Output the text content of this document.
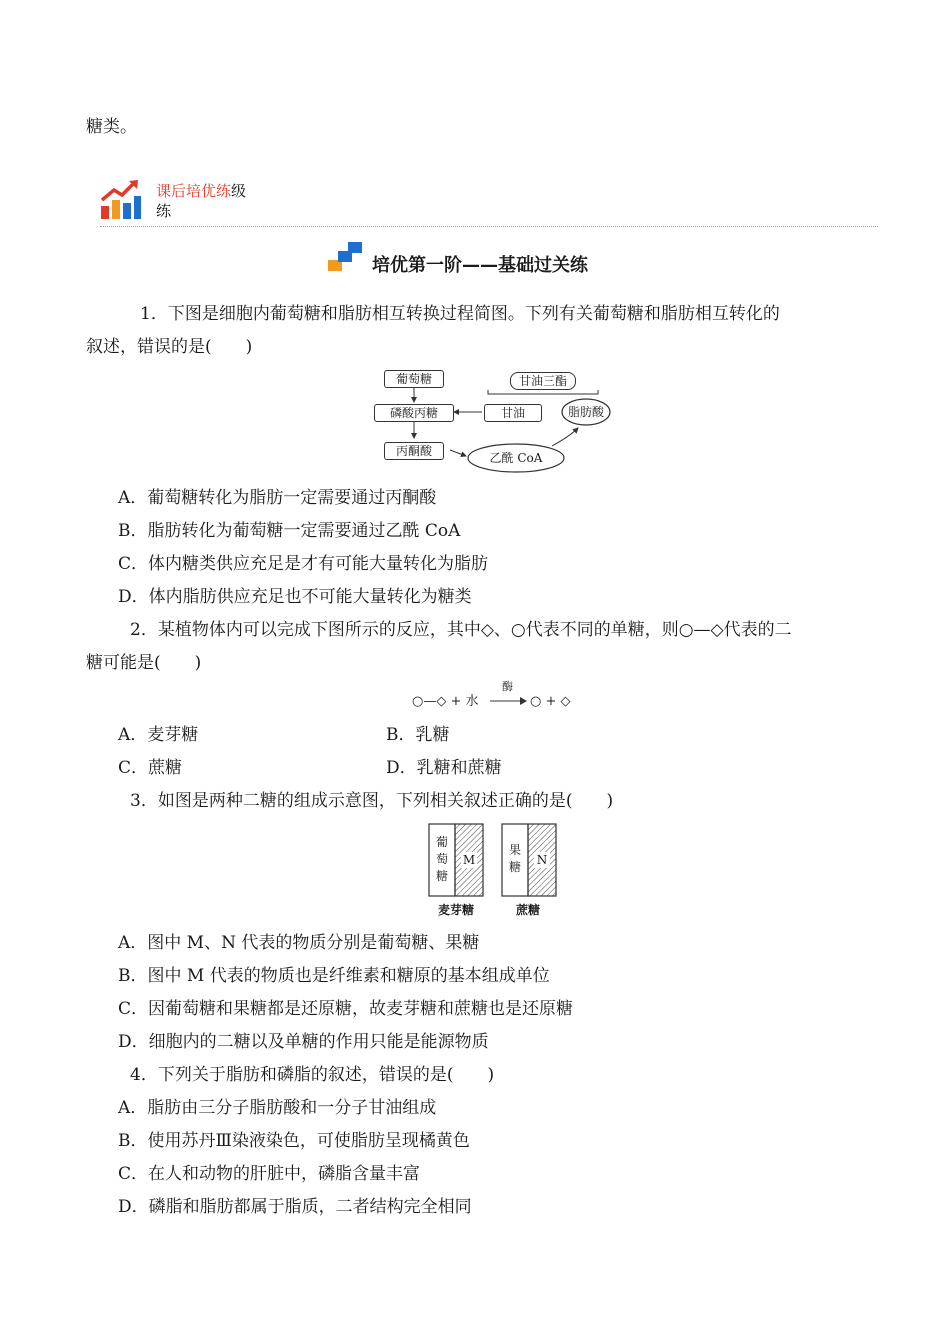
糖类。
课后培优练级
练
培优第一阶——基础过关练
1．下图是细胞内葡萄糖和脂肪相互转换过程简图。下列有关葡萄糖和脂肪相互转化的
叙述，错误的是(　　)
葡萄糖
磷酸丙糖
丙酮酸
甘油三酯
甘油	脂肪酸
乙酰 CoA
A．葡萄糖转化为脂肪一定需要通过丙酮酸
B．脂肪转化为葡萄糖一定需要通过乙酰 CoA
C．体内糖类供应充足是才有可能大量转化为脂肪
D．体内脂肪供应充足也不可能大量转化为糖类
2．某植物体内可以完成下图所示的反应，其中◇、○代表不同的单糖，则○—◇代表的二
糖可能是(　　)
○—◇ + 水
酶
→ ○ + ◇
A．麦芽糖	B．乳糖
C．蔗糖	D．乳糖和蔗糖
3．如图是两种二糖的组成示意图，下列相关叙述正确的是(　　)
葡萄糖
M
果糖 N
麦芽糖	蔗糖
A．图中 M、N 代表的物质分别是葡萄糖、果糖
B．图中 M 代表的物质也是纤维素和糖原的基本组成单位
C．因葡萄糖和果糖都是还原糖，故麦芽糖和蔗糖也是还原糖
D．细胞内的二糖以及单糖的作用只能是能源物质
4．下列关于脂肪和磷脂的叙述，错误的是(　　)
A．脂肪由三分子脂肪酸和一分子甘油组成
B．使用苏丹Ⅲ染液染色，可使脂肪呈现橘黄色
C．在人和动物的肝脏中，磷脂含量丰富
D．磷脂和脂肪都属于脂质，二者结构完全相同
